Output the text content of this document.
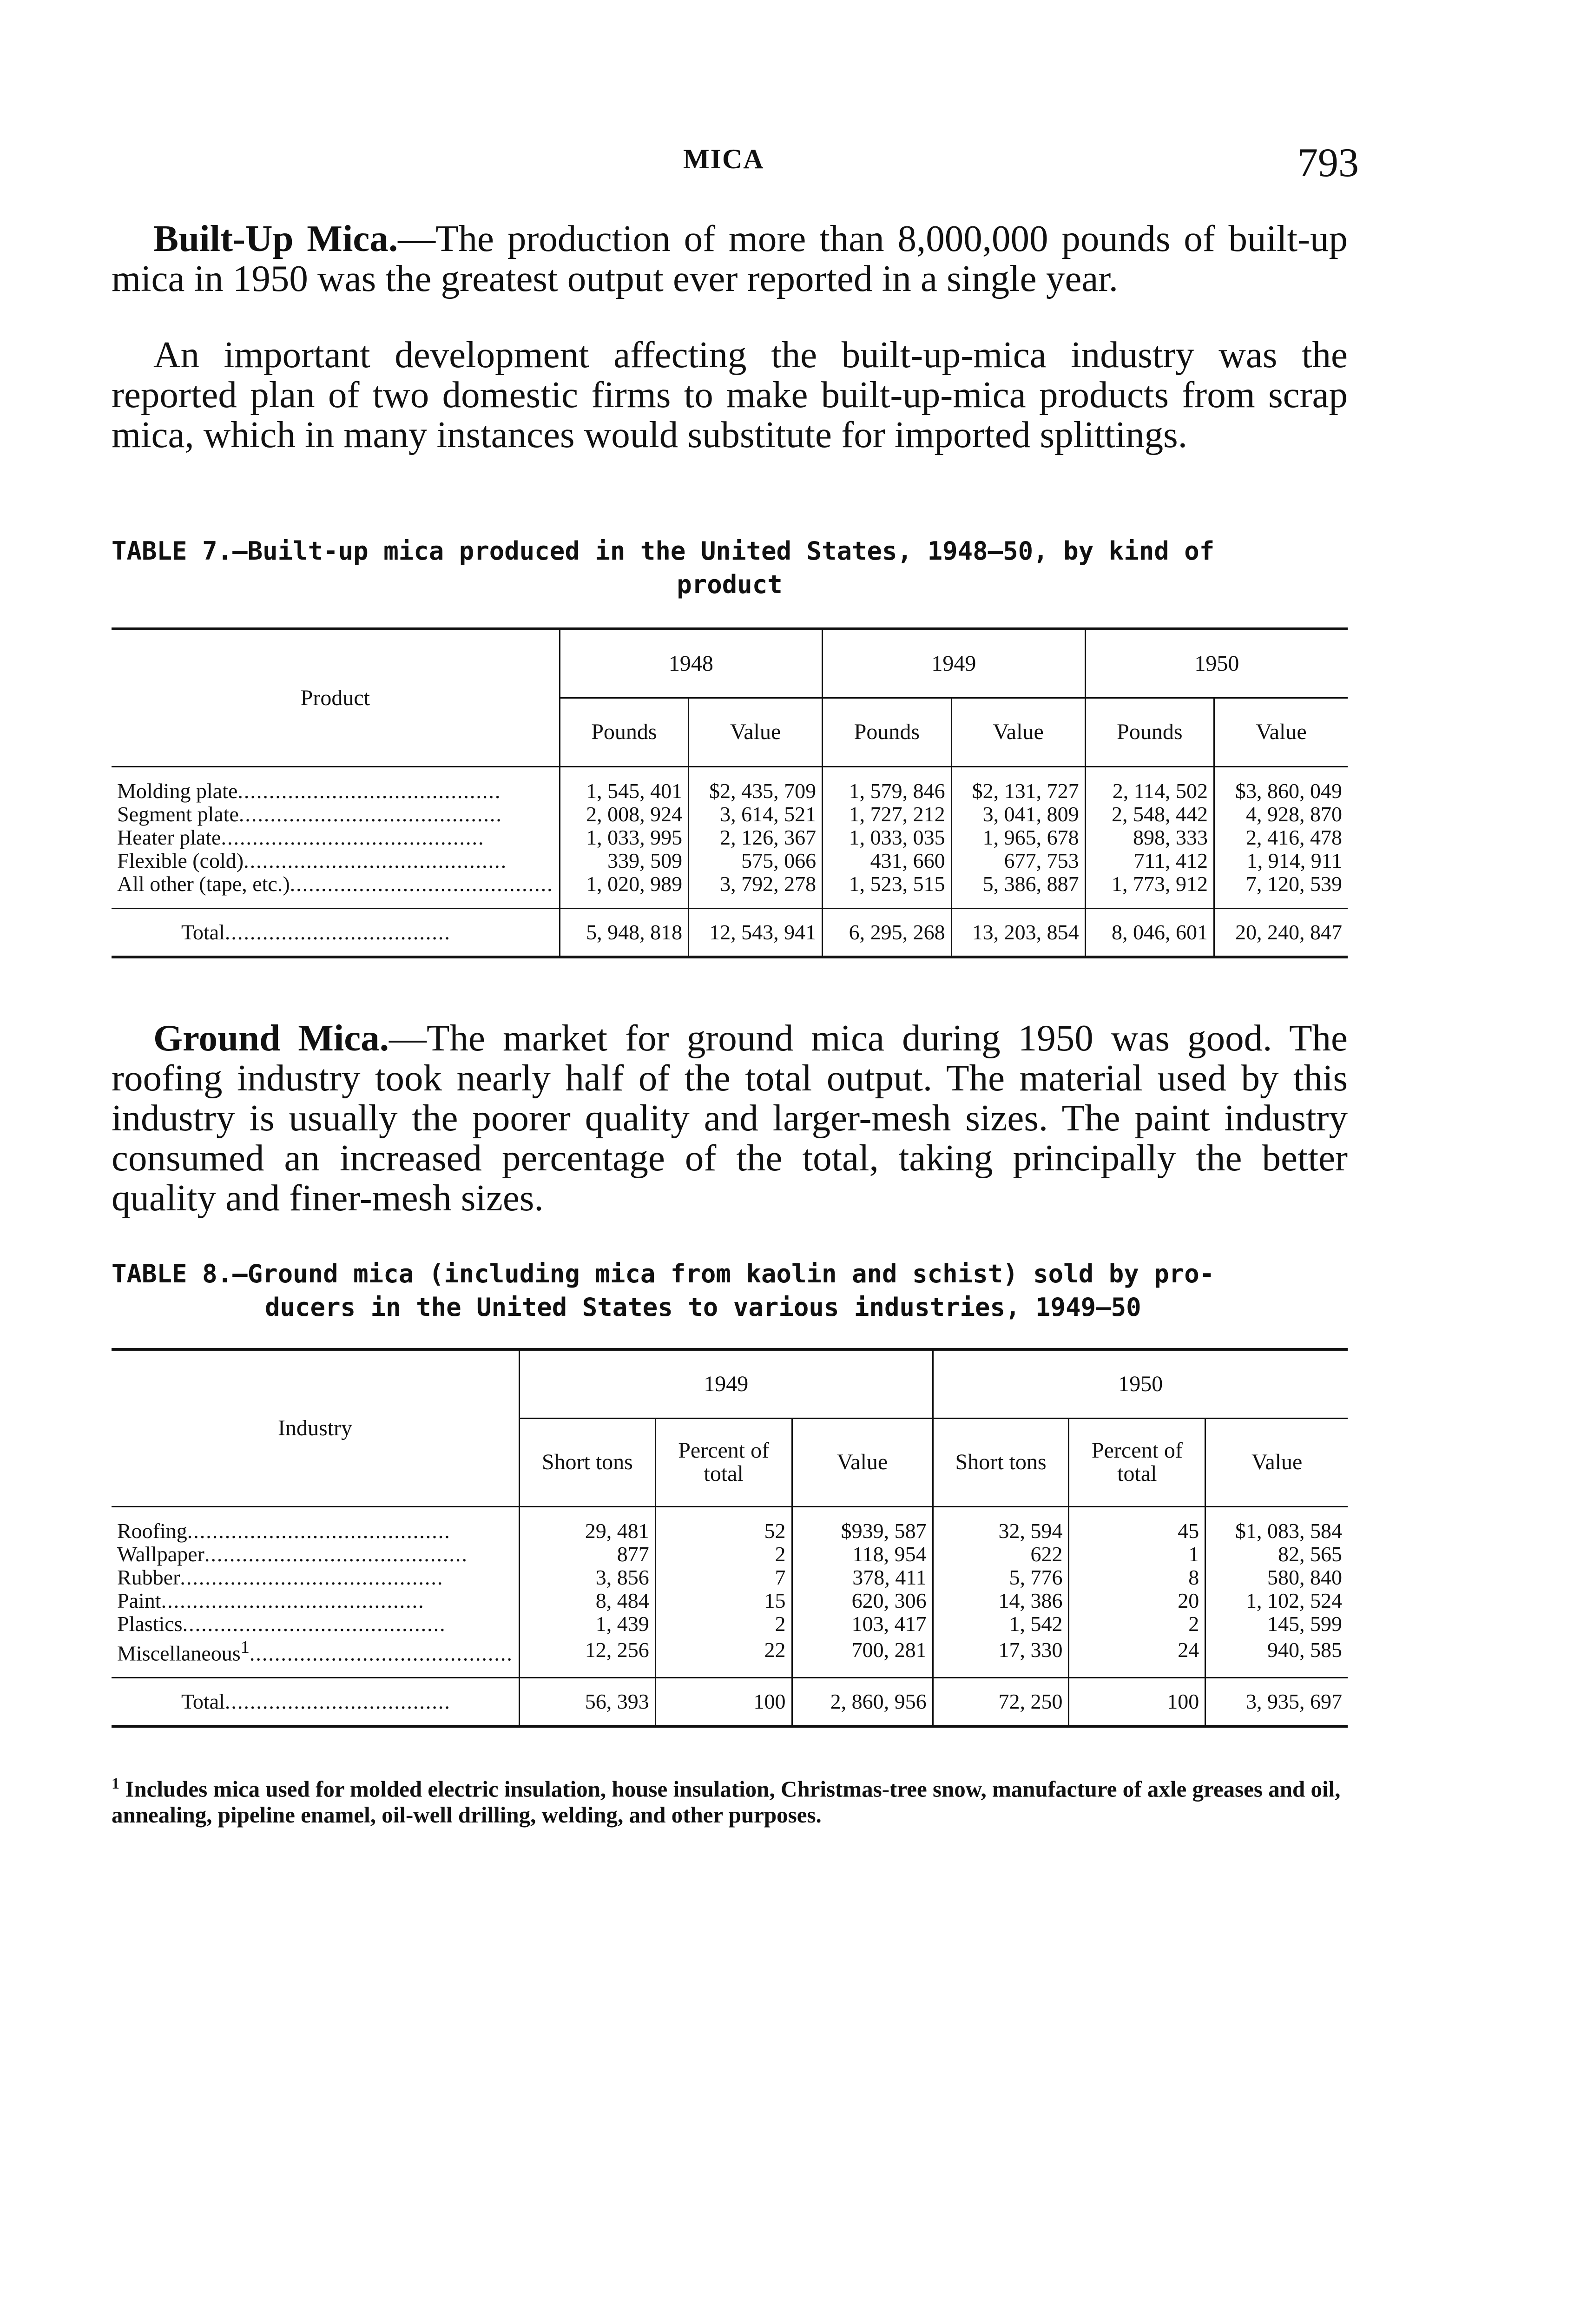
MICA	793

Built-Up Mica.—The production of more than 8,000,000 pounds of built-up mica in 1950 was the greatest output ever reported in a single year.

An important development affecting the built-up-mica industry was the reported plan of two domestic firms to make built-up-mica products from scrap mica, which in many instances would substitute for imported splittings.

TABLE 7.—Built-up mica produced in the United States, 1948–50, by kind of
product

Product	1948		1949		1950	
	Pounds	Value	Pounds	Value	Pounds	Value

Molding plate..........................................	1, 545, 401	$2, 435, 709	1, 579, 846	$2, 131, 727	2, 114, 502	$3, 860, 049
Segment plate..........................................	2, 008, 924	3, 614, 521	1, 727, 212	3, 041, 809	2, 548, 442	4, 928, 870
Heater plate..........................................	1, 033, 995	2, 126, 367	1, 033, 035	1, 965, 678	898, 333	2, 416, 478
Flexible (cold)..........................................	339, 509	575, 066	431, 660	677, 753	711, 412	1, 914, 911
All other (tape, etc.)..........................................	1, 020, 989	3, 792, 278	1, 523, 515	5, 386, 887	1, 773, 912	7, 120, 539

Total....................................	5, 948, 818	12, 543, 941	6, 295, 268	13, 203, 854	8, 046, 601	20, 240, 847

Ground Mica.—The market for ground mica during 1950 was good. The roofing industry took nearly half of the total output. The material used by this industry is usually the poorer quality and larger-mesh sizes. The paint industry consumed an increased percentage of the total, taking principally the better quality and finer-mesh sizes.

TABLE 8.—Ground mica (including mica from kaolin and schist) sold by pro-
ducers in the United States to various industries, 1949–50

Industry	1949			1950		
	Short tons	Percent of total	Value	Short tons	Percent of total	Value

Roofing..........................................	29, 481	52	$939, 587	32, 594	45	$1, 083, 584
Wallpaper..........................................	877	2	118, 954	622	1	82, 565
Rubber..........................................	3, 856	7	378, 411	5, 776	8	580, 840
Paint..........................................	8, 484	15	620, 306	14, 386	20	1, 102, 524
Plastics..........................................	1, 439	2	103, 417	1, 542	2	145, 599
Miscellaneous$^1$..........................................	12, 256	22	700, 281	17, 330	24	940, 585

Total....................................	56, 393	100	2, 860, 956	72, 250	100	3, 935, 697

$^1$ Includes mica used for molded electric insulation, house insulation, Christmas-tree snow, manufacture of axle greases and oil, annealing, pipeline enamel, oil-well drilling, welding, and other purposes.
